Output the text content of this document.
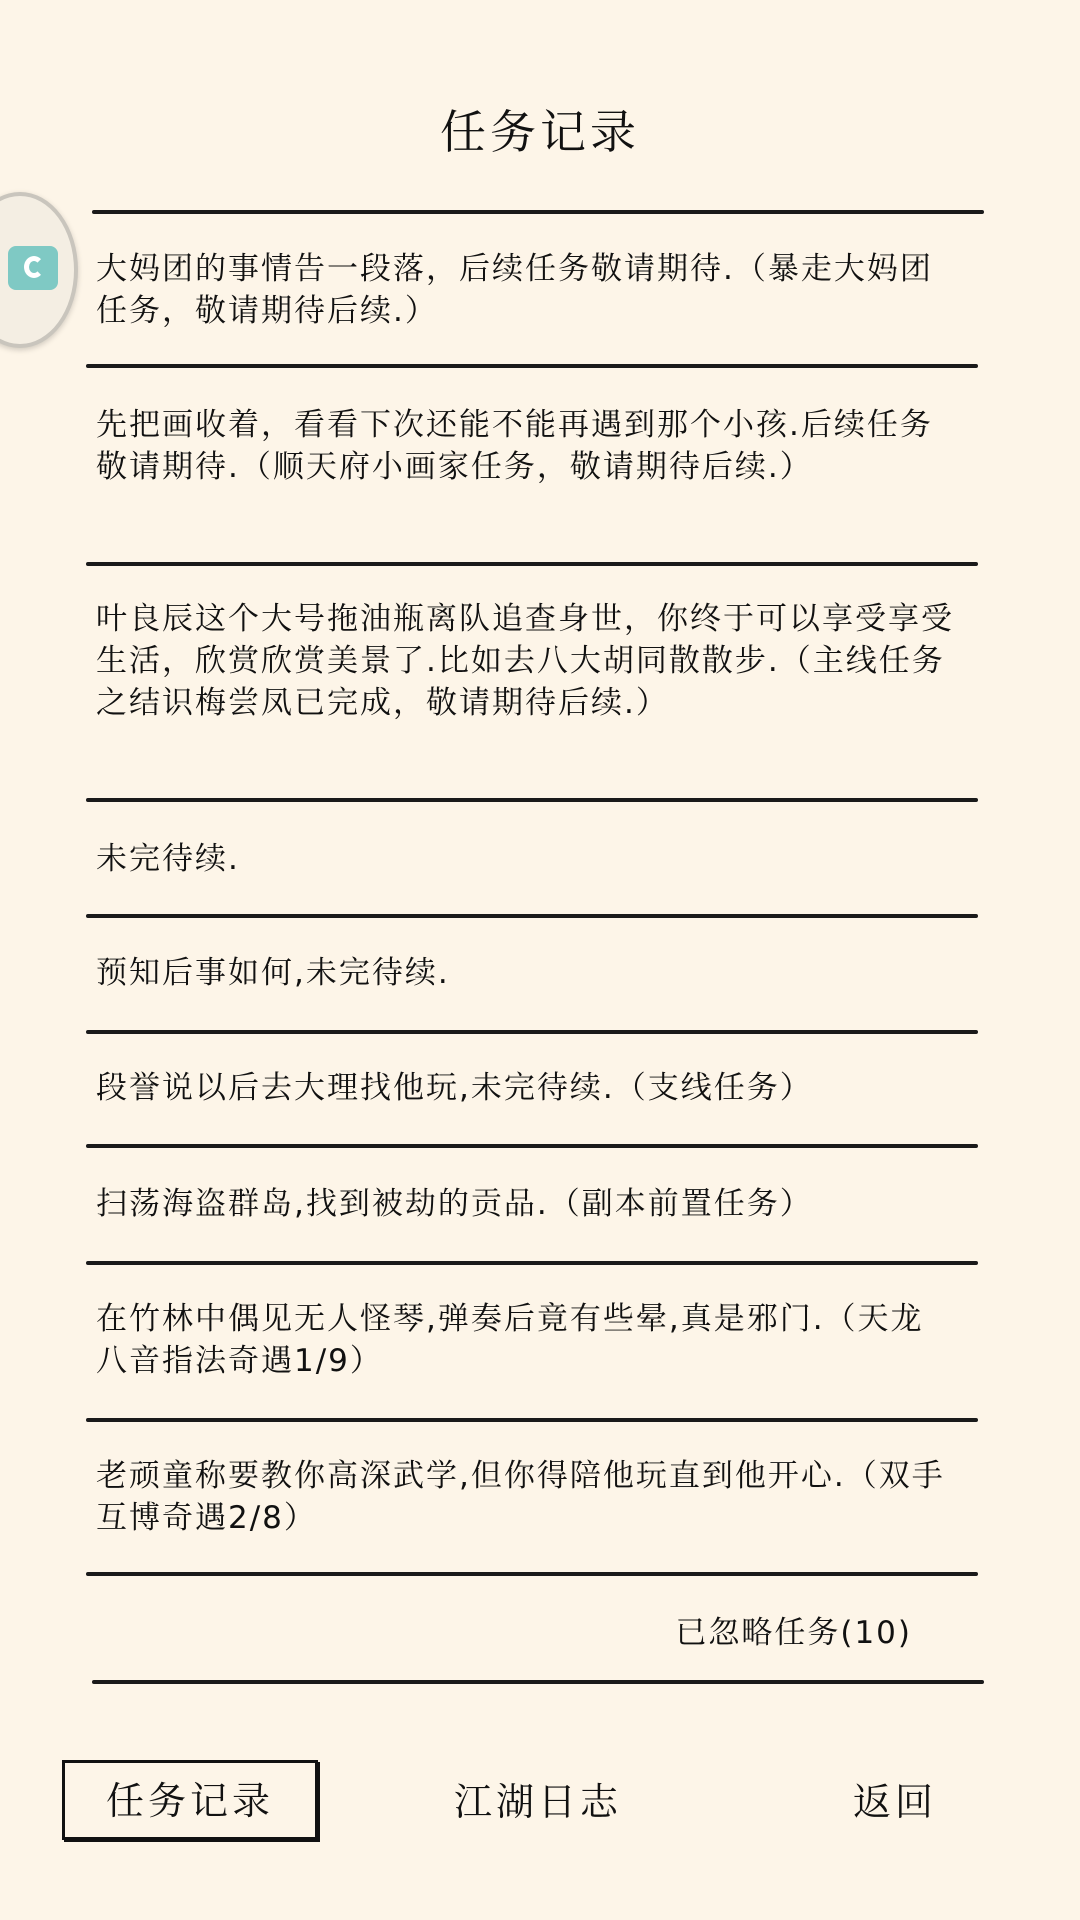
任务记录
大妈团的事情告一段落，后续任务敬请期待.（暴走大妈团任务，敬请期待后续.）
先把画收着，看看下次还能不能再遇到那个小孩.后续任务敬请期待.（顺天府小画家任务，敬请期待后续.）
叶良辰这个大号拖油瓶离队追查身世，你终于可以享受享受生活，欣赏欣赏美景了.比如去八大胡同散散步.（主线任务之结识梅尝凤已完成，敬请期待后续.）
未完待续.
预知后事如何,未完待续.
段誉说以后去大理找他玩,未完待续.（支线任务）
扫荡海盗群岛,找到被劫的贡品.（副本前置任务）
在竹林中偶见无人怪琴,弹奏后竟有些晕,真是邪门.（天龙八音指法奇遇1/9）
老顽童称要教你高深武学,但你得陪他玩直到他开心.（双手互博奇遇2/8）
已忽略任务(10)
任务记录	江湖日志	返回
